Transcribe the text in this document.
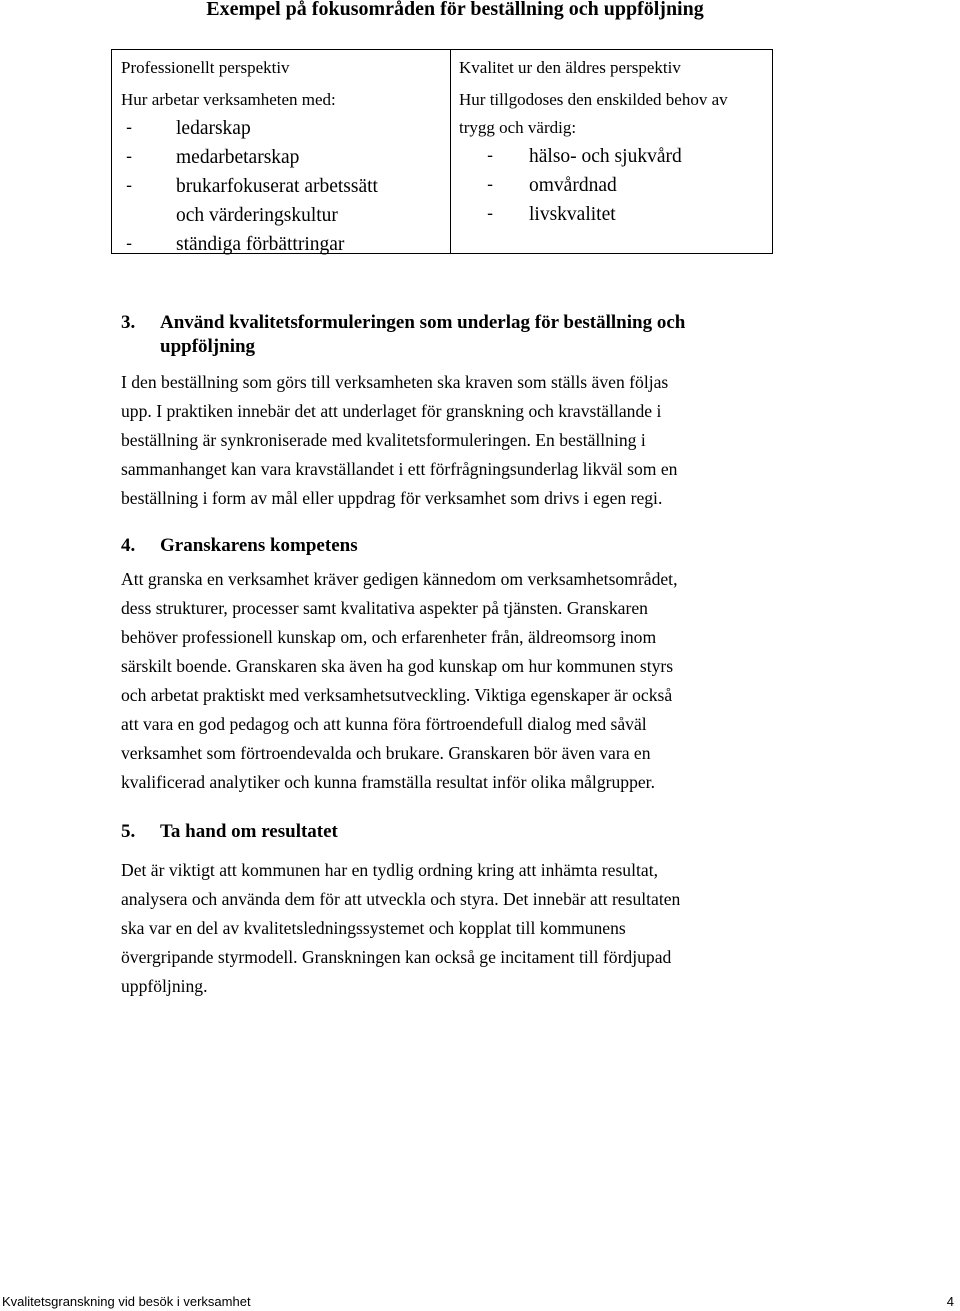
Exempel på fokusområden för beställning och uppföljning
Professionellt perspektiv
Hur arbetar verksamheten med:
-	ledarskap
-	medarbetarskap
-	brukarfokuserat arbetssätt
och värderingskultur
-	ständiga förbättringar
Kvalitet ur den äldres perspektiv
Hur tillgodoses den enskilded behov av
trygg och värdig:
-	hälso- och sjukvård
-	omvårdnad
-	livskvalitet
3.	Använd kvalitetsformuleringen som underlag för beställning och
uppföljning

I den beställning som görs till verksamheten ska kraven som ställs även följas

upp. I praktiken innebär det att underlaget för granskning och kravställande i

beställning är synkroniserade med kvalitetsformuleringen. En beställning i

sammanhanget kan vara kravställandet i ett förfrågningsunderlag likväl som en

beställning i form av mål eller uppdrag för verksamhet som drivs i egen regi.

4.	Granskarens kompetens

Att granska en verksamhet kräver gedigen kännedom om verksamhetsområdet,

dess strukturer, processer samt kvalitativa aspekter på tjänsten. Granskaren

behöver professionell kunskap om, och erfarenheter från, äldreomsorg inom

särskilt boende. Granskaren ska även ha god kunskap om hur kommunen styrs

och arbetat praktiskt med verksamhetsutveckling. Viktiga egenskaper är också

att vara en god pedagog och att kunna föra förtroendefull dialog med såväl

verksamhet som förtroendevalda och brukare. Granskaren bör även vara en

kvalificerad analytiker och kunna framställa resultat inför olika målgrupper.

5.	Ta hand om resultatet

Det är viktigt att kommunen har en tydlig ordning kring att inhämta resultat,

analysera och använda dem för att utveckla och styra. Det innebär att resultaten

ska var en del av kvalitetsledningssystemet och kopplat till kommunens

övergripande styrmodell. Granskningen kan också ge incitament till fördjupad

uppföljning.

Kvalitetsgranskning vid besök i verksamhet	4
